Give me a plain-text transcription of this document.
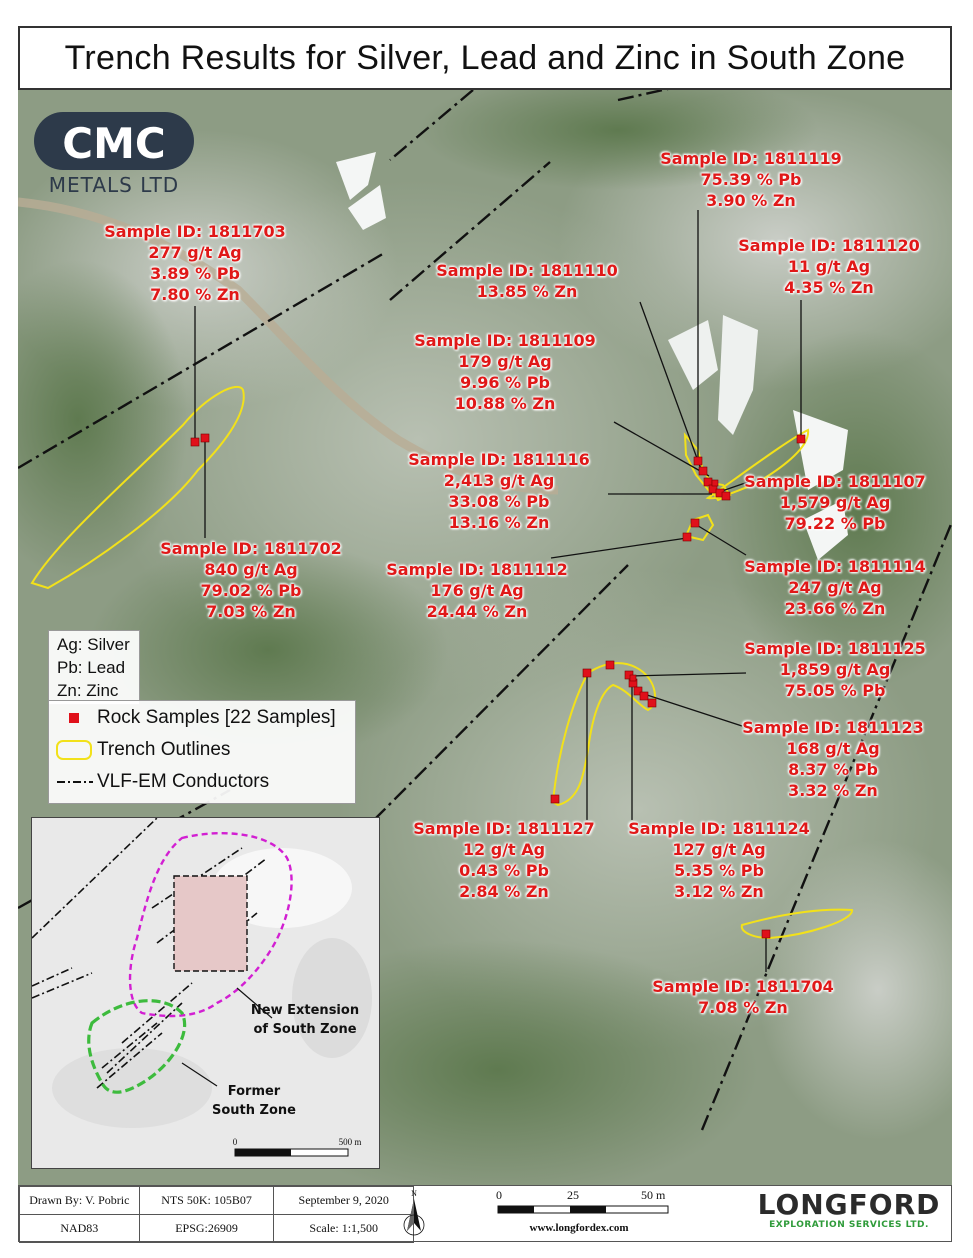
Trench Results for Silver, Lead and Zinc in South Zone
CMC
METALS LTD
Sample ID: 1811703
277 g/t Ag
3.89 % Pb
7.80 % Zn
Sample ID: 1811702
840 g/t Ag
79.02 % Pb
7.03 % Zn
Sample ID: 1811119
75.39 % Pb
3.90 % Zn
Sample ID: 1811120
11 g/t Ag
4.35 % Zn
Sample ID: 1811110
13.85 % Zn
Sample ID: 1811109
179 g/t Ag
9.96 % Pb
10.88 % Zn
Sample ID: 1811116
2,413 g/t Ag
33.08 % Pb
13.16 % Zn
Sample ID: 1811107
1,579 g/t Ag
79.22 % Pb
Sample ID: 1811112
176 g/t Ag
24.44 % Zn
Sample ID: 1811114
247 g/t Ag
23.66 % Zn
Sample ID: 1811125
1,859 g/t Ag
75.05 % Pb
Sample ID: 1811123
168 g/t Ag
8.37 % Pb
3.32 % Zn
Sample ID: 1811127
12 g/t Ag
0.43 % Pb
2.84 % Zn
Sample ID: 1811124
127 g/t Ag
5.35 % Pb
3.12 % Zn
Sample ID: 1811704
7.08 % Zn
Ag: Silver
Pb: Lead
Zn: Zinc
Rock Samples [22 Samples]
Trench Outlines
VLF-EM Conductors
New Extension
of South Zone
Former
South Zone
0	500 m
Drawn By: V. Pobric	NTS 50K: 105B07	September 9, 2020
NAD83	EPSG:26909	Scale: 1:1,500
N	0	25	50 m
www.longfordex.com
LONGFORD
EXPLORATION SERVICES LTD.
